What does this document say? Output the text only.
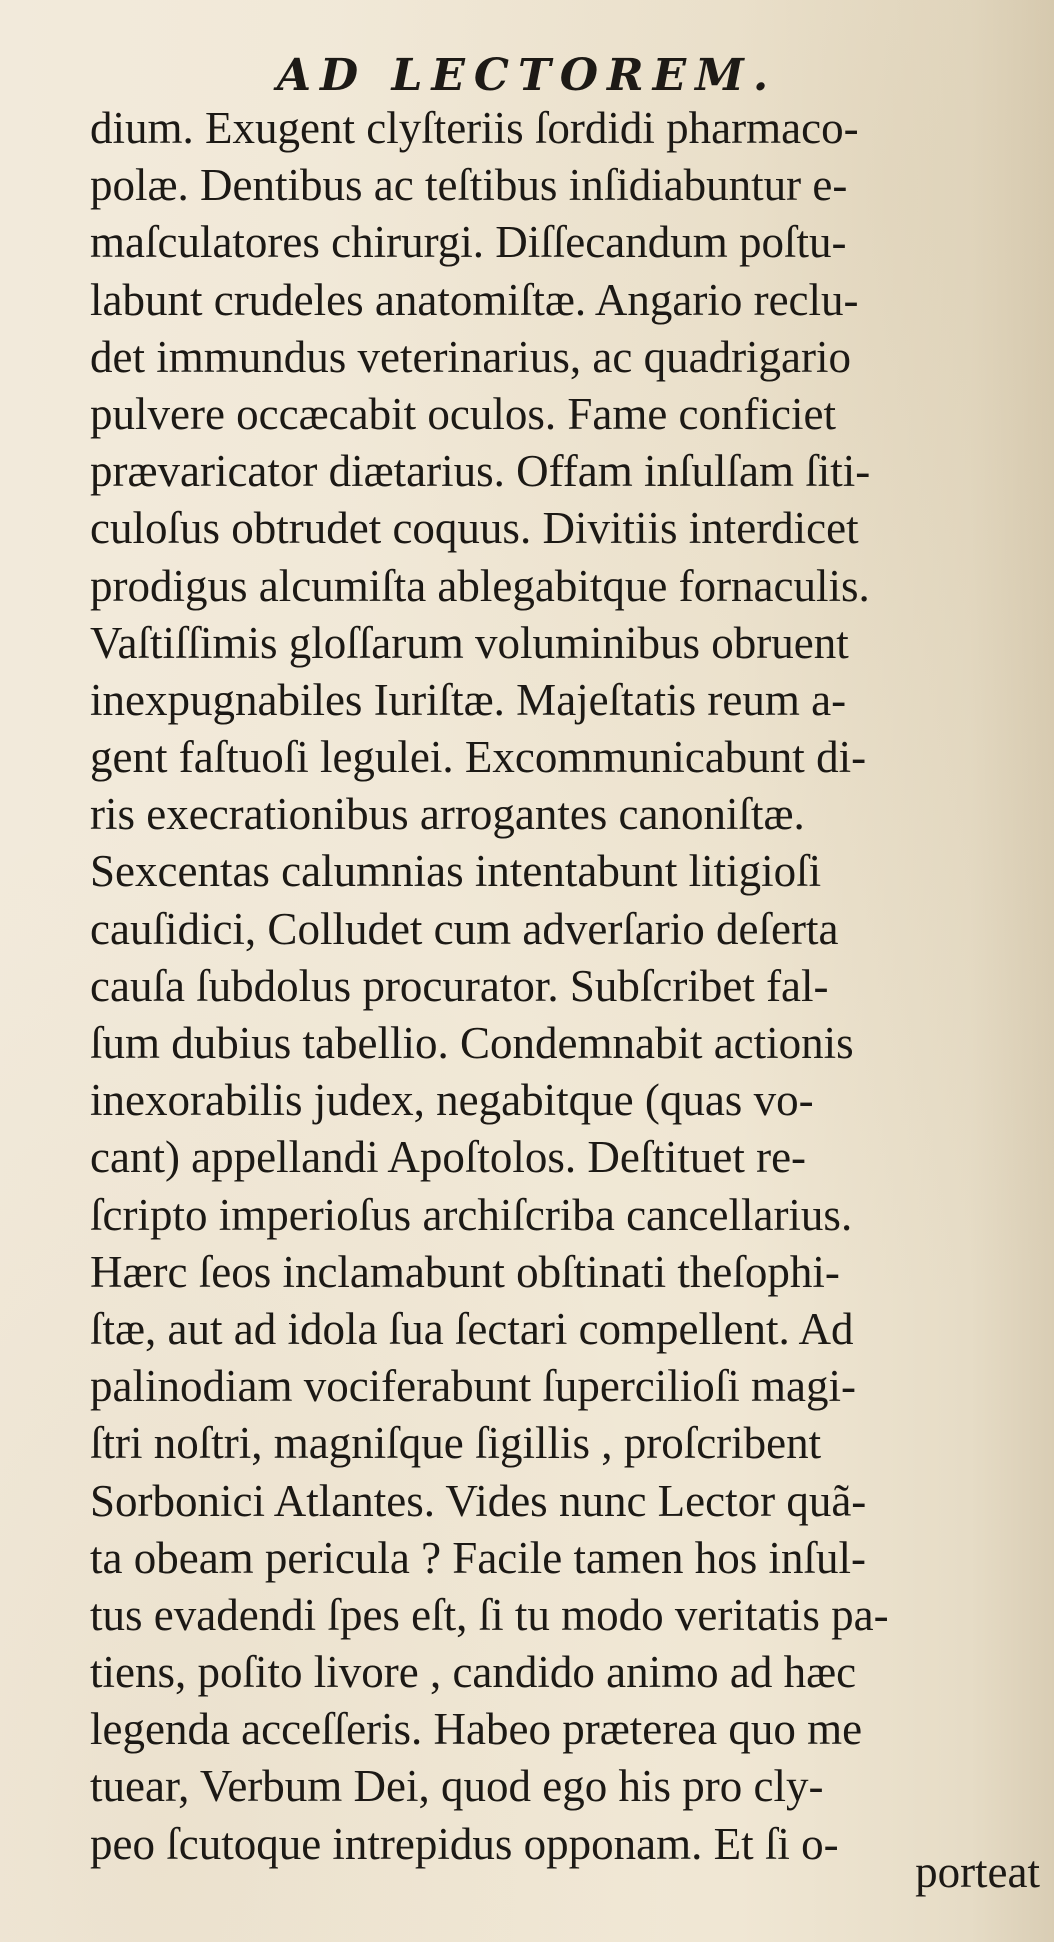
AD LECTOREM.
dium. Exugent clyſteriis ſordidi pharmaco-
polæ. Dentibus ac teſtibus inſidiabuntur e-
maſculatores chirurgi. Diſſecandum poſtu-
labunt crudeles anatomiſtæ. Angario reclu-
det immundus veterinarius, ac quadrigario
pulvere occæcabit oculos. Fame conficiet
prævaricator diætarius. Offam inſulſam ſiti-
culoſus obtrudet coquus. Divitiis interdicet
prodigus alcumiſta ablegabitque fornaculis.
Vaſtiſſimis gloſſarum voluminibus obruent
inexpugnabiles Iuriſtæ. Majeſtatis reum a-
gent faſtuoſi legulei. Excommunicabunt di-
ris execrationibus arrogantes canoniſtæ.
Sexcentas calumnias intentabunt litigioſi
cauſidici, Colludet cum adverſario deſerta
cauſa ſubdolus procurator. Subſcribet fal-
ſum dubius tabellio. Condemnabit actionis
inexorabilis judex, negabitque (quas vo-
cant) appellandi Apoſtolos. Deſtituet re-
ſcripto imperioſus archiſcriba cancellarius.
Hærc ſeos inclamabunt obſtinati theſophi-
ſtæ, aut ad idola ſua ſectari compellent. Ad
palinodiam vociferabunt ſupercilioſi magi-
ſtri noſtri, magniſque ſigillis , proſcribent
Sorbonici Atlantes. Vides nunc Lector quã-
ta obeam pericula ? Facile tamen hos inſul-
tus evadendi ſpes eſt, ſi tu modo veritatis pa-
tiens, poſito livore , candido animo ad hæc
legenda acceſſeris. Habeo præterea quo me
tuear, Verbum Dei, quod ego his pro cly-
peo ſcutoque intrepidus opponam. Et ſi o-
porteat
